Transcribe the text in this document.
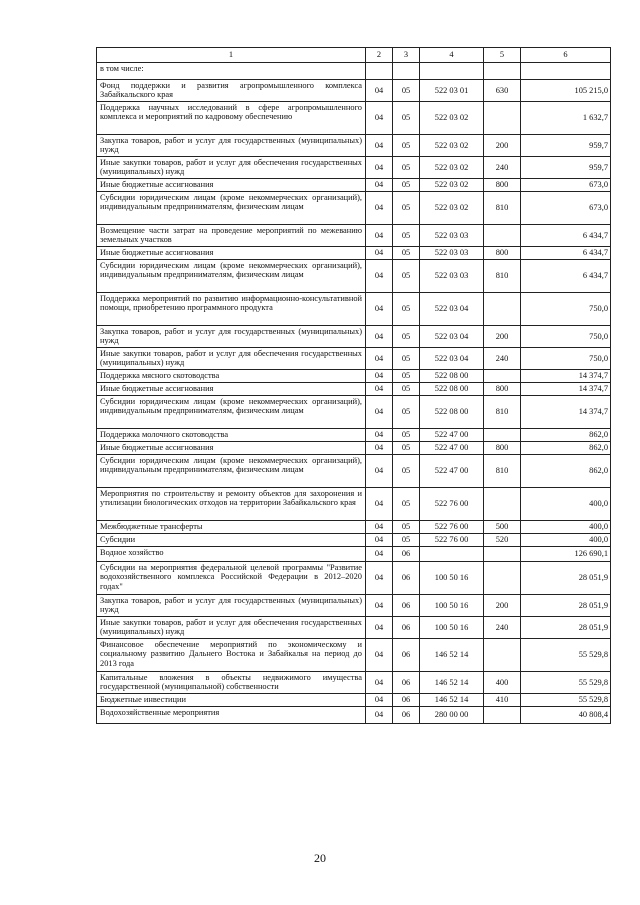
1	2	3	4	5	6
в том числе:					
Фонд поддержки и развития агропромышленного комплекса Забайкальского края	04	05	522 03 01	630	105 215,0
Поддержка научных исследований в сфере агропромышленного комплекса и мероприятий по кадровому обеспечению	04	05	522 03 02		1 632,7
Закупка товаров, работ и услуг для государственных (муниципальных) нужд	04	05	522 03 02	200	959,7
Иные закупки товаров, работ и услуг для обеспечения государственных (муниципальных) нужд	04	05	522 03 02	240	959,7
Иные бюджетные ассигнования	04	05	522 03 02	800	673,0
Субсидии юридическим лицам (кроме некоммерческих организаций), индивидуальным предпринимателям, физическим лицам	04	05	522 03 02	810	673,0
Возмещение части затрат на проведение мероприятий по межеванию земельных участков	04	05	522 03 03		6 434,7
Иные бюджетные ассигнования	04	05	522 03 03	800	6 434,7
Субсидии юридическим лицам (кроме некоммерческих организаций), индивидуальным предпринимателям, физическим лицам	04	05	522 03 03	810	6 434,7
Поддержка мероприятий по развитию информационно-консультативной помощи, приобретению программного продукта	04	05	522 03 04		750,0
Закупка товаров, работ и услуг для государственных (муниципальных) нужд	04	05	522 03 04	200	750,0
Иные закупки товаров, работ и услуг для обеспечения государственных (муниципальных) нужд	04	05	522 03 04	240	750,0
Поддержка мясного скотоводства	04	05	522 08 00		14 374,7
Иные бюджетные ассигнования	04	05	522 08 00	800	14 374,7
Субсидии юридическим лицам (кроме некоммерческих организаций), индивидуальным предпринимателям, физическим лицам	04	05	522 08 00	810	14 374,7
Поддержка молочного скотоводства	04	05	522 47 00		862,0
Иные бюджетные ассигнования	04	05	522 47 00	800	862,0
Субсидии юридическим лицам (кроме некоммерческих организаций), индивидуальным предпринимателям, физическим лицам	04	05	522 47 00	810	862,0
Мероприятия по строительству и ремонту объектов для захоронения и утилизации биологических отходов на территории Забайкальского края	04	05	522 76 00		400,0
Межбюджетные трансферты	04	05	522 76 00	500	400,0
Субсидии	04	05	522 76 00	520	400,0
Водное хозяйство	04	06			126 690,1
Субсидии на мероприятия федеральной целевой программы "Развитие водохозяйственного комплекса Российской Федерации в 2012–2020 годах"	04	06	100 50 16		28 051,9
Закупка товаров, работ и услуг для государственных (муниципальных) нужд	04	06	100 50 16	200	28 051,9
Иные закупки товаров, работ и услуг для обеспечения государственных (муниципальных) нужд	04	06	100 50 16	240	28 051,9
Финансовое обеспечение мероприятий по экономическому и социальному развитию Дальнего Востока и Забайкалья на период до 2013 года	04	06	146 52 14		55 529,8
Капитальные вложения в объекты недвижимого имущества государственной (муниципальной) собственности	04	06	146 52 14	400	55 529,8
Бюджетные инвестиции	04	06	146 52 14	410	55 529,8
Водохозяйственные мероприятия	04	06	280 00 00		40 808,4
20
